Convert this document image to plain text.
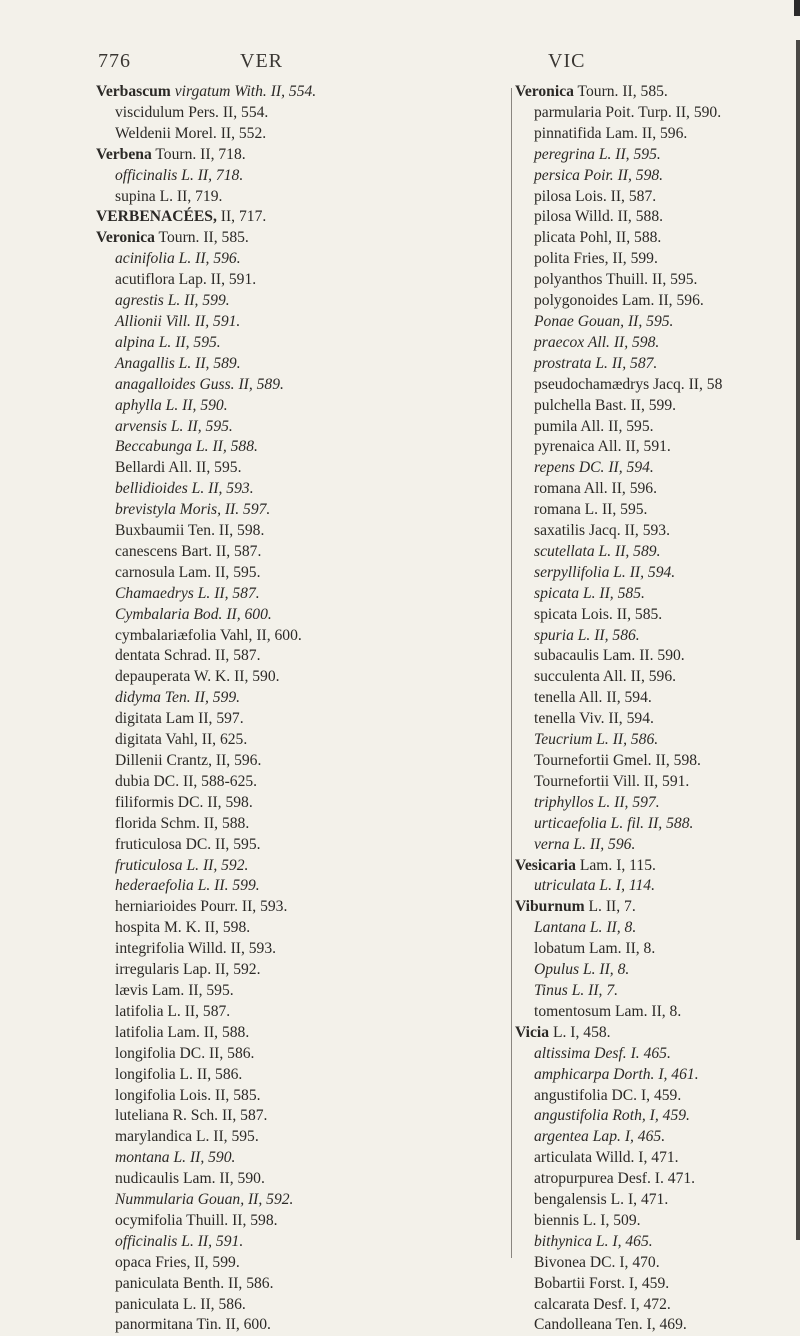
776	VER	VIC
Verbascum virgatum With. II, 554.
viscidulum Pers. II, 554.
Weldenii Morel. II, 552.
Verbena Tourn. II, 718.
officinalis L. II, 718.
supina L. II, 719.
VERBENACÉES, II, 717.
Veronica Tourn. II, 585.
acinifolia L. II, 596.
acutiflora Lap. II, 591.
agrestis L. II, 599.
Allionii Vill. II, 591.
alpina L. II, 595.
Anagallis L. II, 589.
anagalloides Guss. II, 589.
aphylla L. II, 590.
arvensis L. II, 595.
Beccabunga L. II, 588.
Bellardi All. II, 595.
bellidioides L. II, 593.
brevistyla Moris, II. 597.
Buxbaumii Ten. II, 598.
canescens Bart. II, 587.
carnosula Lam. II, 595.
Chamaedrys L. II, 587.
Cymbalaria Bod. II, 600.
cymbalariæfolia Vahl, II, 600.
dentata Schrad. II, 587.
depauperata W. K. II, 590.
didyma Ten. II, 599.
digitata Lam II, 597.
digitata Vahl, II, 625.
Dillenii Crantz, II, 596.
dubia DC. II, 588-625.
filiformis DC. II, 598.
florida Schm. II, 588.
fruticulosa DC. II, 595.
fruticulosa L. II, 592.
hederaefolia L. II. 599.
herniarioides Pourr. II, 593.
hospita M. K. II, 598.
integrifolia Willd. II, 593.
irregularis Lap. II, 592.
lævis Lam. II, 595.
latifolia L. II, 587.
latifolia Lam. II, 588.
longifolia DC. II, 586.
longifolia L. II, 586.
longifolia Lois. II, 585.
luteliana R. Sch. II, 587.
marylandica L. II, 595.
montana L. II, 590.
nudicaulis Lam. II, 590.
Nummularia Gouan, II, 592.
ocymifolia Thuill. II, 598.
officinalis L. II, 591.
opaca Fries, II, 599.
paniculata Benth. II, 586.
paniculata L. II, 586.
panormitana Tin. II, 600.
Veronica Tourn. II, 585.
parmularia Poit. Turp. II, 590.
pinnatifida Lam. II, 596.
peregrina L. II, 595.
persica Poir. II, 598.
pilosa Lois. II, 587.
pilosa Willd. II, 588.
plicata Pohl, II, 588.
polita Fries, II, 599.
polyanthos Thuill. II, 595.
polygonoides Lam. II, 596.
Ponae Gouan, II, 595.
praecox All. II, 598.
prostrata L. II, 587.
pseudochamædrys Jacq. II, 58
pulchella Bast. II, 599.
pumila All. II, 595.
pyrenaica All. II, 591.
repens DC. II, 594.
romana All. II, 596.
romana L. II, 595.
saxatilis Jacq. II, 593.
scutellata L. II, 589.
serpyllifolia L. II, 594.
spicata L. II, 585.
spicata Lois. II, 585.
spuria L. II, 586.
subacaulis Lam. II. 590.
succulenta All. II, 596.
tenella All. II, 594.
tenella Viv. II, 594.
Teucrium L. II, 586.
Tournefortii Gmel. II, 598.
Tournefortii Vill. II, 591.
triphyllos L. II, 597.
urticaefolia L. fil. II, 588.
verna L. II, 596.
Vesicaria Lam. I, 115.
utriculata L. I, 114.
Viburnum L. II, 7.
Lantana L. II, 8.
lobatum Lam. II, 8.
Opulus L. II, 8.
Tinus L. II, 7.
tomentosum Lam. II, 8.
Vicia L. I, 458.
altissima Desf. I. 465.
amphicarpa Dorth. I, 461.
angustifolia DC. I, 459.
angustifolia Roth, I, 459.
argentea Lap. I, 465.
articulata Willd. I, 471.
atropurpurea Desf. I. 471.
bengalensis L. I, 471.
biennis L. I, 509.
bithynica L. I, 465.
Bivonea DC. I, 470.
Bobartii Forst. I, 459.
calcarata Desf. I, 472.
Candolleana Ten. I, 469.
